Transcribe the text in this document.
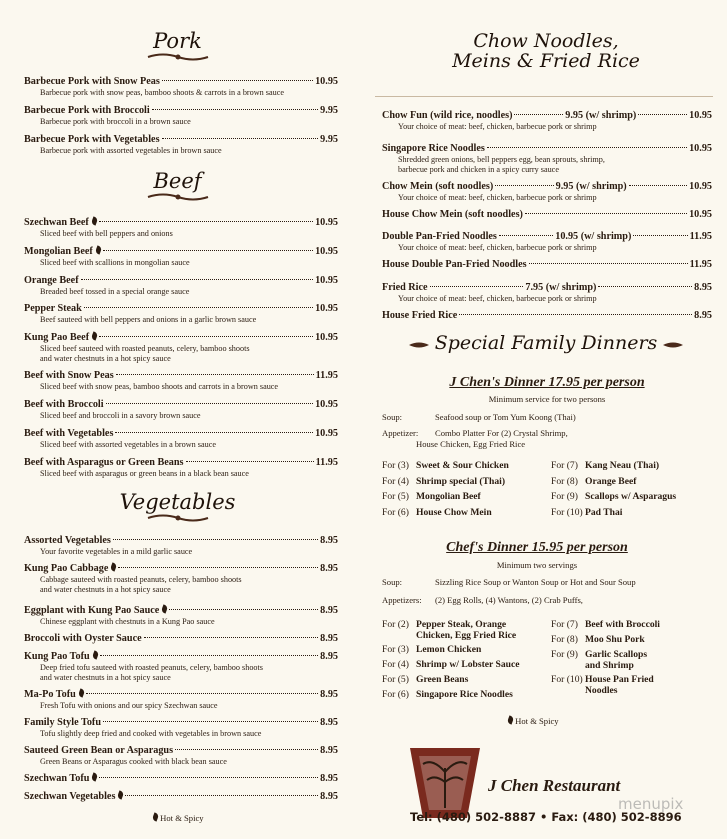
Pork

Barbecue Pork with Snow Peas	10.95
Barbecue pork with snow peas, bamboo shoots & carrots in a brown sauce
Barbecue Pork with Broccoli	9.95
Barbecue pork with broccoli in a brown sauce
Barbecue Pork with Vegetables	9.95
Barbecue pork with assorted vegetables in brown sauce

Beef

Szechwan Beef	10.95
Sliced beef with bell peppers and onions
Mongolian Beef	10.95
Sliced beef with scallions in mongolian sauce
Orange Beef	10.95
Breaded beef tossed in a special orange sauce
Pepper Steak	10.95
Beef sauteed with bell peppers and onions in a garlic brown sauce
Kung Pao Beef	10.95
Sliced beef sauteed with roasted peanuts, celery, bamboo shoots
and water chestnuts in a hot spicy sauce
Beef with Snow Peas	11.95
Sliced beef with snow peas, bamboo shoots and carrots in a brown sauce
Beef with Broccoli	10.95
Sliced beef and broccoli in a savory brown sauce
Beef with Vegetables	10.95
Sliced beef with assorted vegetables in a brown sauce
Beef with Asparagus or Green Beans	11.95
Sliced beef with asparagus or green beans in a black bean sauce

Vegetables

Assorted Vegetables	8.95
Your favorite vegetables in a mild garlic sauce
Kung Pao Cabbage	8.95
Cabbage sauteed with roasted peanuts, celery, bamboo shoots
and water chestnuts in a hot spicy sauce
Eggplant with Kung Pao Sauce	8.95
Chinese eggplant with chestnuts in a Kung Pao sauce
Broccoli with Oyster Sauce	8.95
Kung Pao Tofu	8.95
Deep fried tofu sauteed with roasted peanuts, celery, bamboo shoots
and water chestnuts in a hot spicy sauce
Ma-Po Tofu	8.95
Fresh Tofu with onions and our spicy Szechwan sauce
Family Style Tofu	8.95
Tofu slightly deep fried and cooked with vegetables in brown sauce
Sauteed Green Bean or Asparagus	8.95
Green Beans or Asparagus cooked with black bean sauce
Szechwan Tofu	8.95
Szechwan Vegetables	8.95
Hot & Spicy

Chow Noodles,

Meins & Fried Rice

Chow Fun (wild rice, noodles)	9.95 (w/ shrimp)	10.95
Your choice of meat: beef, chicken, barbecue pork or shrimp
Singapore Rice Noodles	10.95
Shredded green onions, bell peppers egg, bean sprouts, shrimp,
barbecue pork and chicken in a spicy curry sauce
Chow Mein (soft noodles)	9.95 (w/ shrimp)	10.95
Your choice of meat: beef, chicken, barbecue pork or shrimp
House Chow Mein (soft noodles)	10.95
Double Pan-Fried Noodles	10.95 (w/ shrimp)	11.95
Your choice of meat: beef, chicken, barbecue pork or shrimp
House Double Pan-Fried Noodles	11.95
Fried Rice	7.95 (w/ shrimp)	8.95
Your choice of meat: beef, chicken, barbecue pork or shrimp
House Fried Rice	8.95
Special Family Dinners
J Chen's Dinner 17.95 per person
Minimum service for two persons
Soup:	Seafood soup or Tom Yum Koong (Thai)
Appetizer: Combo Platter For (2) Crystal Shrimp,
House Chicken, Egg Fried Rice
For (3) Sweet & Sour Chicken
For (4) Shrimp special (Thai)
For (5) Mongolian Beef
For (6) House Chow Mein
For (7) Kang Neau (Thai)
For (8) Orange Beef
For (9) Scallops w/ Asparagus
For (10) Pad Thai
Chef's Dinner 15.95 per person
Minimum two servings
Soup:	Sizzling Rice Soup or Wanton Soup or Hot and Sour Soup
Appetizers: (2) Egg Rolls, (4) Wantons, (2) Crab Puffs,
For (2) Pepper Steak, Orange
Chicken, Egg Fried Rice
For (3) Lemon Chicken
For (4) Shrimp w/ Lobster Sauce
For (5) Green Beans
For (6) Singapore Rice Noodles
For (7) Beef with Broccoli
For (8) Moo Shu Pork
For (9) Garlic Scallops
and Shrimp
For (10) House Pan Fried
Noodles
Hot & Spicy
J Chen Restaurant
Tel: (480) 502-8887 • Fax: (480) 502-8896
menupix
